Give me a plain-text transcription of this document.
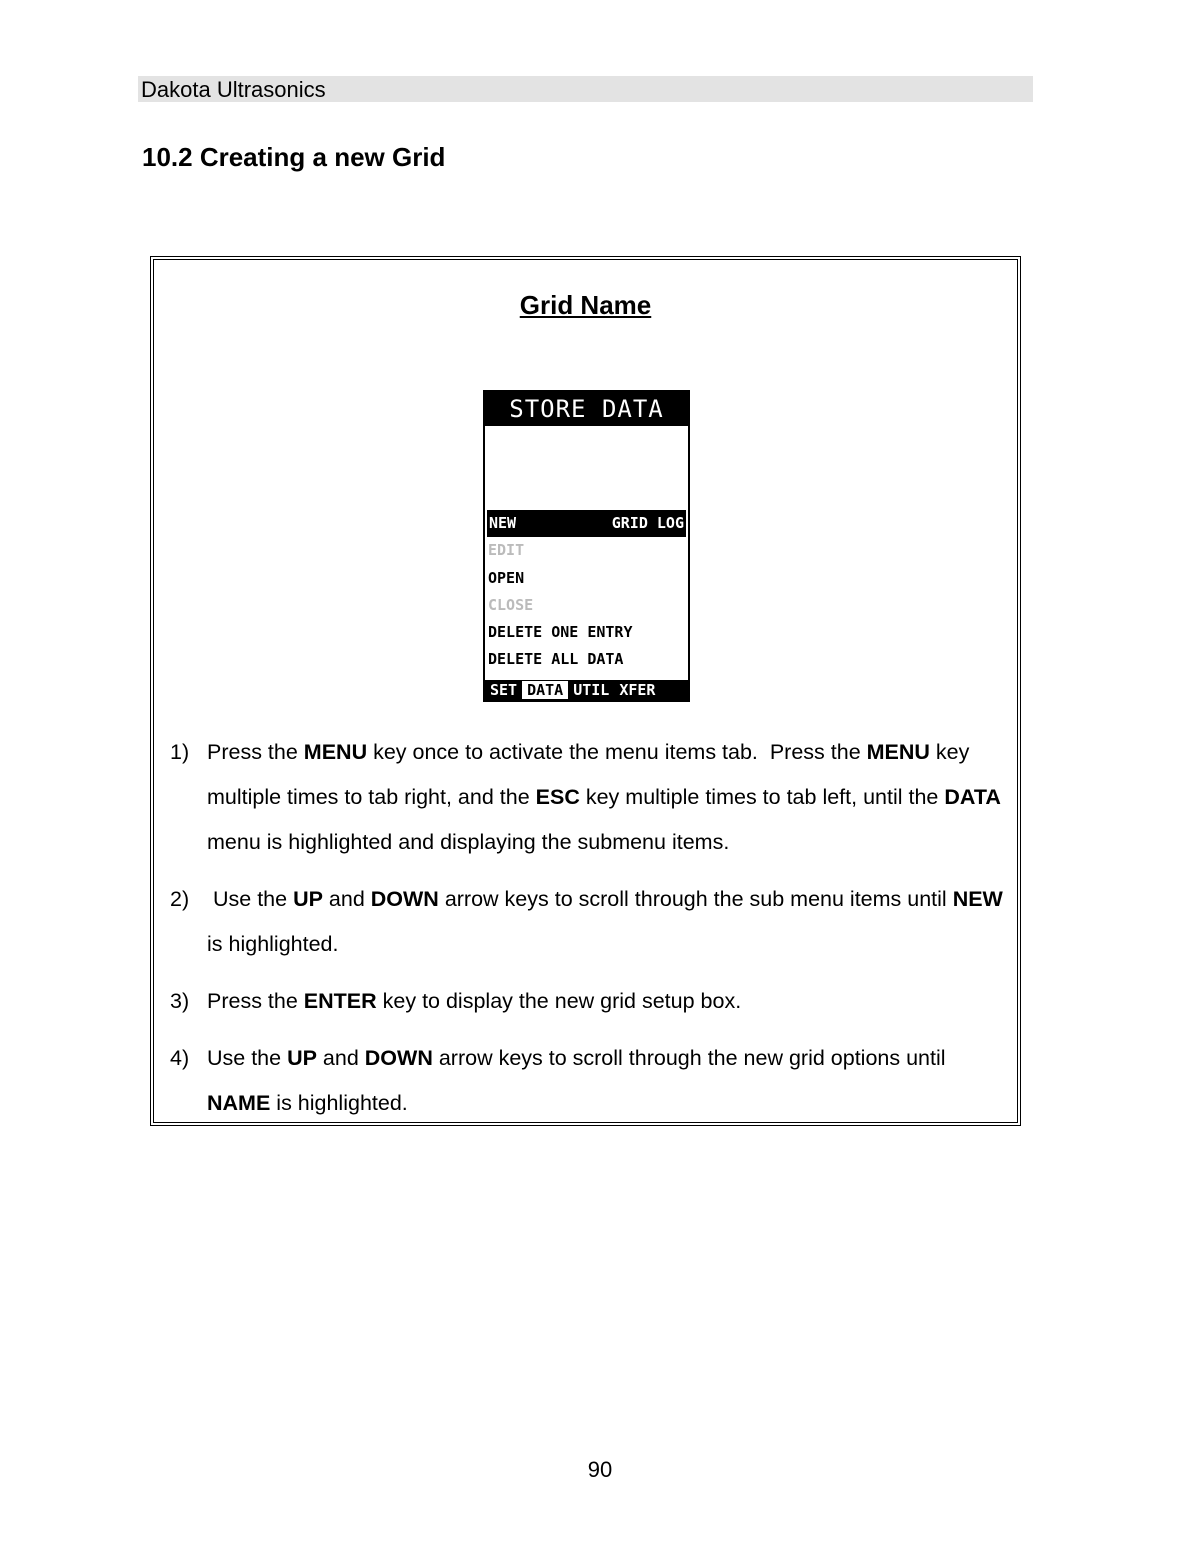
Dakota Ultrasonics
10.2 Creating a new Grid
Grid Name
STORE DATA
NEW	GRID LOG
EDIT
OPEN
CLOSE
DELETE ONE ENTRY
DELETE ALL DATA
SET DATA UTIL XFER
1) Press the MENU key once to activate the menu items tab.  Press the MENU key multiple times to tab right, and the ESC key multiple times to tab left, until the DATA menu is highlighted and displaying the submenu items.
2) Use the UP and DOWN arrow keys to scroll through the sub menu items until NEW is highlighted.
3) Press the ENTER key to display the new grid setup box.
4) Use the UP and DOWN arrow keys to scroll through the new grid options until NAME is highlighted.
90
